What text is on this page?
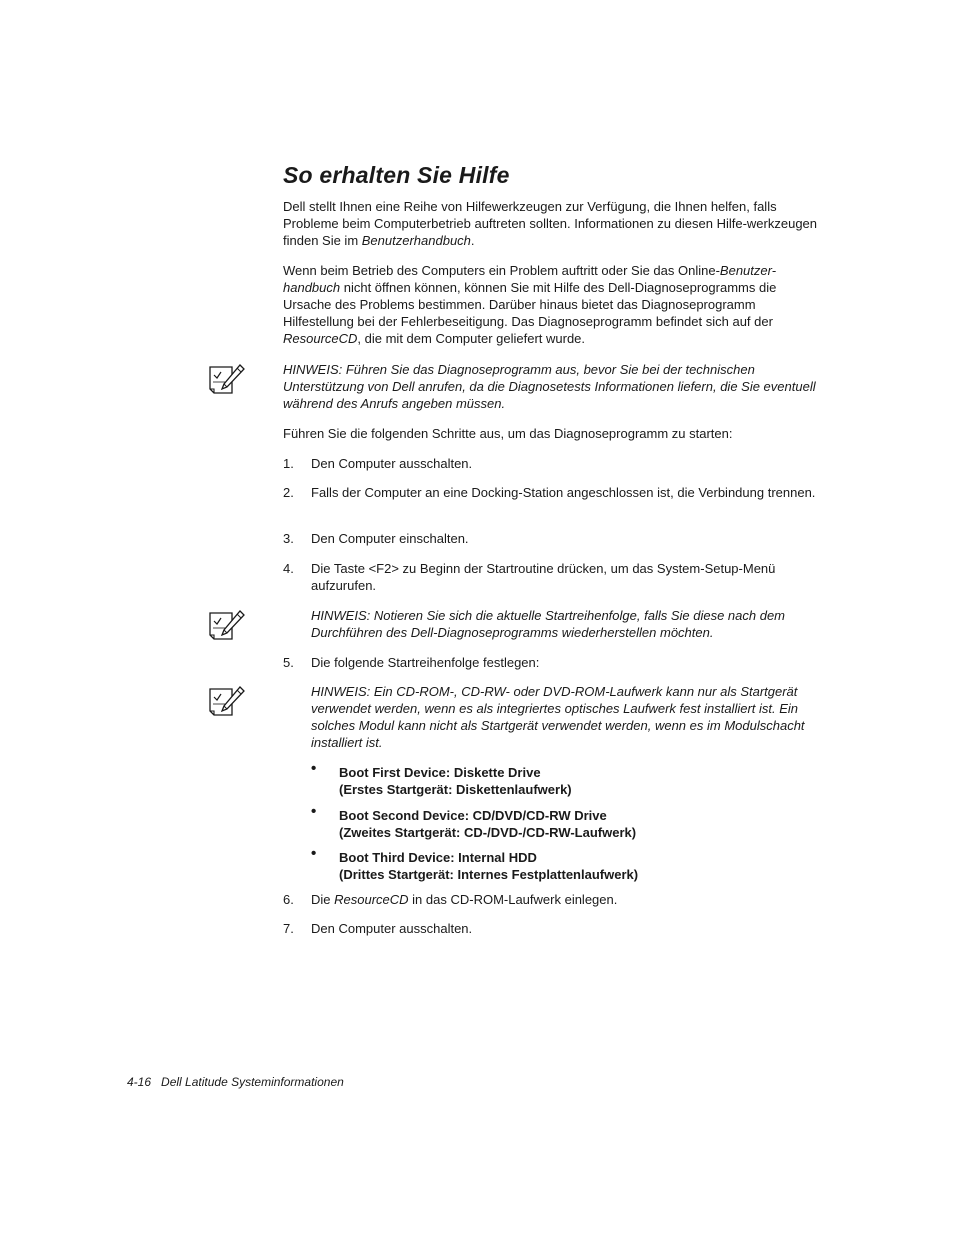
So erhalten Sie Hilfe

Dell stellt Ihnen eine Reihe von Hilfewerkzeugen zur Verfügung, die Ihnen helfen, falls Probleme beim Computerbetrieb auftreten sollten. Informationen zu diesen Hilfe-werkzeugen finden Sie im Benutzerhandbuch.

Wenn beim Betrieb des Computers ein Problem auftritt oder Sie das Online-Benutzer-handbuch nicht öffnen können, können Sie mit Hilfe des Dell-Diagnoseprogramms die Ursache des Problems bestimmen. Darüber hinaus bietet das Diagnoseprogramm Hilfestellung bei der Fehlerbeseitigung. Das Diagnoseprogramm befindet sich auf der ResourceCD, die mit dem Computer geliefert wurde.

HINWEIS: Führen Sie das Diagnoseprogramm aus, bevor Sie bei der technischen Unterstützung von Dell anrufen, da die Diagnosetests Informationen liefern, die Sie eventuell während des Anrufs angeben müssen.

Führen Sie die folgenden Schritte aus, um das Diagnoseprogramm zu starten:

1. Den Computer ausschalten.
2. Falls der Computer an eine Docking-Station angeschlossen ist, die Verbindung trennen.
3. Den Computer einschalten.
4. Die Taste <F2> zu Beginn der Startroutine drücken, um das System-Setup-Menü aufzurufen.

HINWEIS: Notieren Sie sich die aktuelle Startreihenfolge, falls Sie diese nach dem Durchführen des Dell-Diagnoseprogramms wiederherstellen möchten.

5. Die folgende Startreihenfolge festlegen:

HINWEIS: Ein CD-ROM-, CD-RW- oder DVD-ROM-Laufwerk kann nur als Startgerät verwendet werden, wenn es als integriertes optisches Laufwerk fest installiert ist. Ein solches Modul kann nicht als Startgerät verwendet werden, wenn es im Modulschacht installiert ist.

• Boot First Device: Diskette Drive
(Erstes Startgerät: Diskettenlaufwerk)
• Boot Second Device: CD/DVD/CD-RW Drive
(Zweites Startgerät: CD-/DVD-/CD-RW-Laufwerk)
• Boot Third Device: Internal HDD
(Drittes Startgerät: Internes Festplattenlaufwerk)
6. Die ResourceCD in das CD-ROM-Laufwerk einlegen.
7. Den Computer ausschalten.

4-16 Dell Latitude Systeminformationen
